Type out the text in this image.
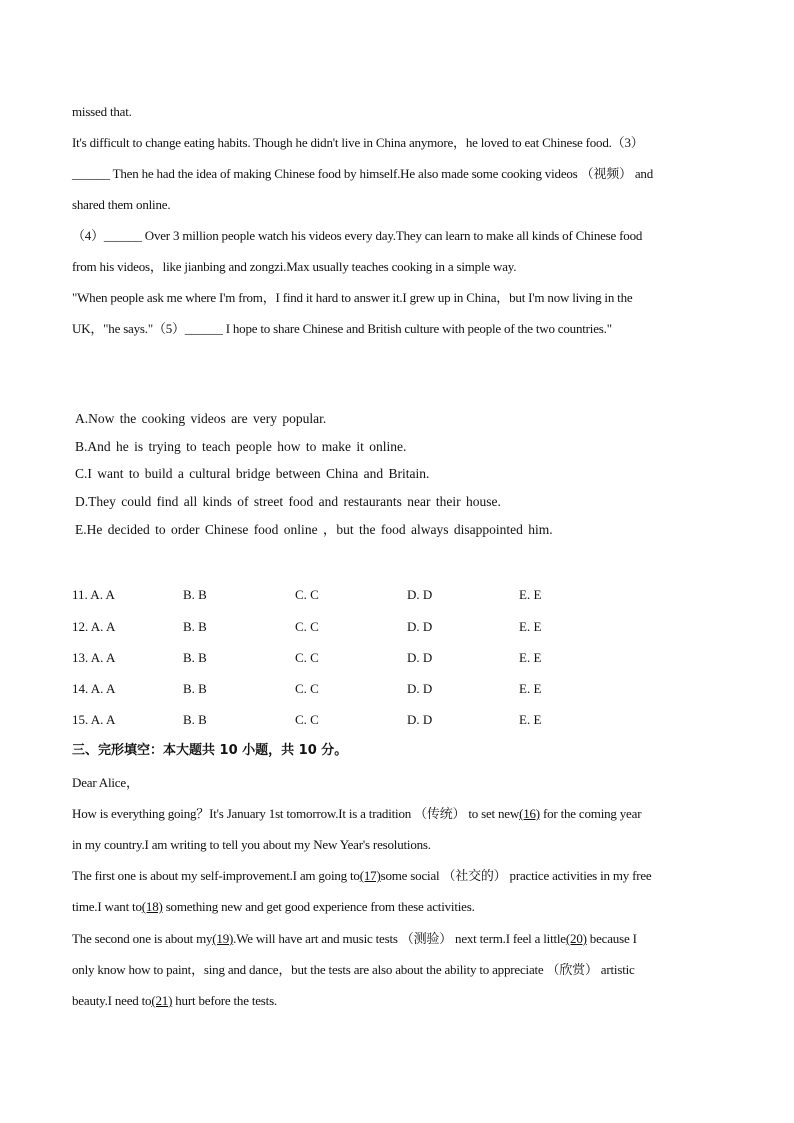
missed that.
It's difficult to change eating habits. Though he didn't live in China anymore，he loved to eat Chinese food.（3）
______ Then he had the idea of making Chinese food by himself.He also made some cooking videos （视频） and
shared them online.
（4）______ Over 3 million people watch his videos every day.They can learn to make all kinds of Chinese food
from his videos，like jianbing and zongzi.Max usually teaches cooking in a simple way.
"When people ask me where I'm from，I find it hard to answer it.I grew up in China，but I'm now living in the
UK，"he says."（5）______ I hope to share Chinese and British culture with people of the two countries."
A.Now the cooking videos are very popular.
B.And he is trying to teach people how to make it online.
C.I want to build a cultural bridge between China and Britain.
D.They could find all kinds of street food and restaurants near their house.
E.He decided to order Chinese food online ，but the food always disappointed him.
11. A. A	B. B	C. C	D. D	E. E
12. A. A	B. B	C. C	D. D	E. E
13. A. A	B. B	C. C	D. D	E. E
14. A. A	B. B	C. C	D. D	E. E
15. A. A	B. B	C. C	D. D	E. E
三、完形填空：本大题共 10 小题，共 10 分。
Dear Alice，
How is everything going？It's January 1st tomorrow.It is a tradition （传统） to set new(16) for the coming year
in my country.I am writing to tell you about my New Year's resolutions.
The first one is about my self-improvement.I am going to(17)some social （社交的） practice activities in my free
time.I want to(18) something new and get good experience from these activities.
The second one is about my(19).We will have art and music tests （测验） next term.I feel a little(20) because I
only know how to paint，sing and dance，but the tests are also about the ability to appreciate （欣赏） artistic
beauty.I need to(21) hurt before the tests.
